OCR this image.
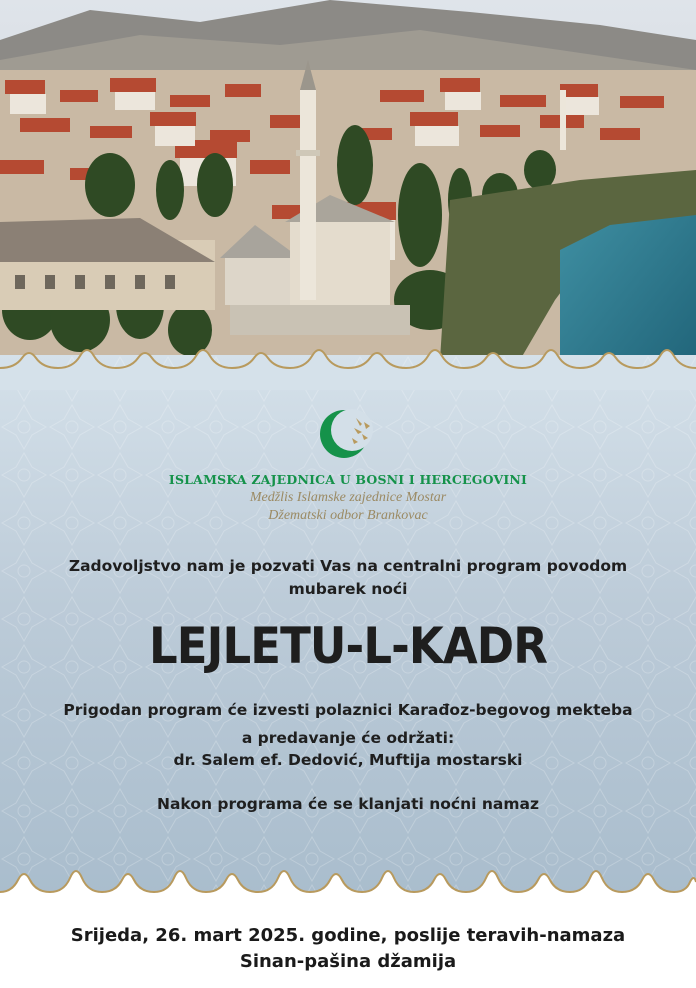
ISLAMSKA ZAJEDNICA U BOSNI I HERCEGOVINI
Medžlis Islamske zajednice Mostar
Džematski odbor Brankovac
Zadovoljstvo nam je pozvati Vas na centralni program povodom
mubarek noći
LEJLETU-L-KADR
Prigodan program će izvesti polaznici Karađoz-begovog mekteba
a predavanje će održati:
dr. Salem ef. Dedović, Muftija mostarski
Nakon programa će se klanjati noćni namaz
Srijeda, 26. mart 2025. godine, poslije teravih-namaza
Sinan-pašina džamija
